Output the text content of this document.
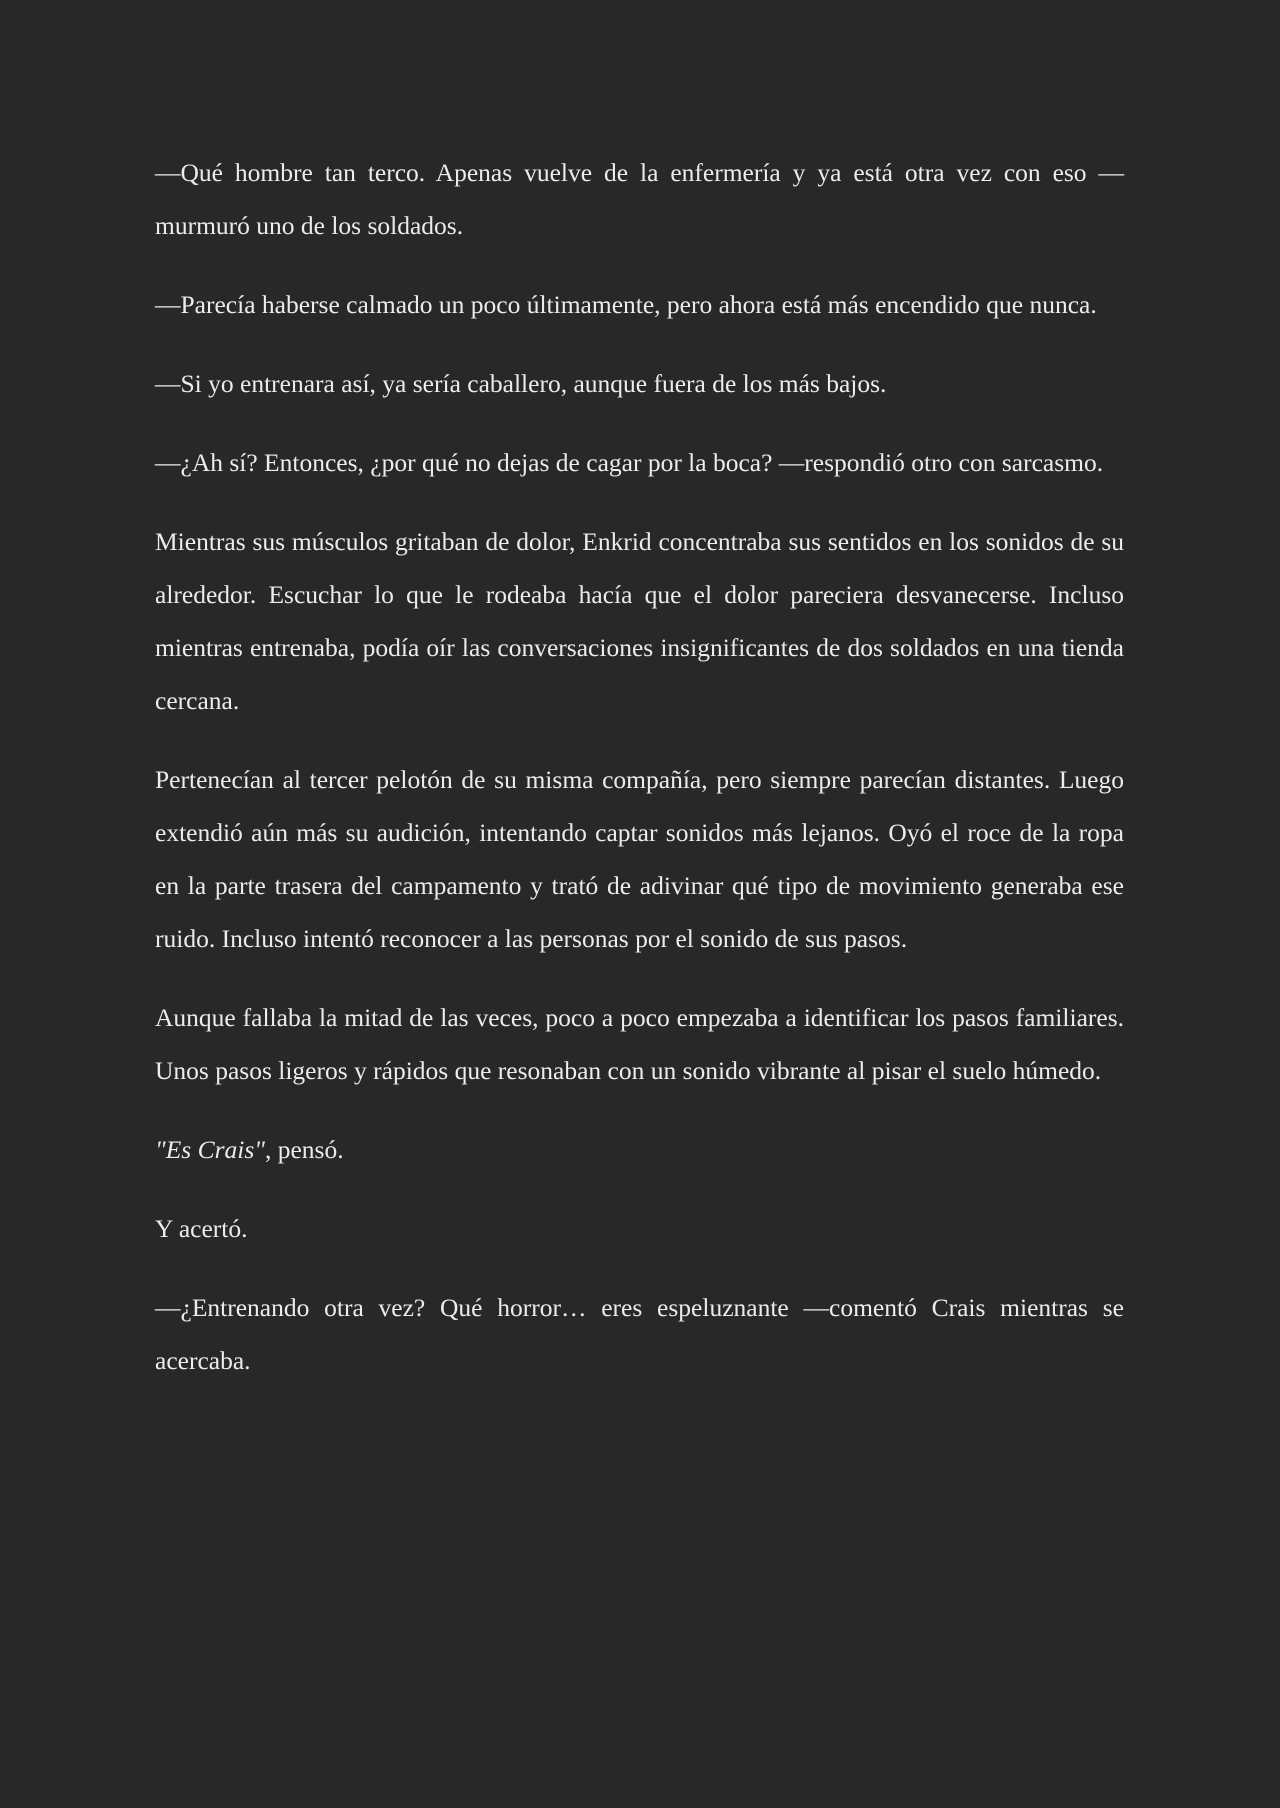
—Qué hombre tan terco. Apenas vuelve de la enfermería y ya está otra vez con eso —murmuró uno de los soldados.

—Parecía haberse calmado un poco últimamente, pero ahora está más encendido que nunca.

—Si yo entrenara así, ya sería caballero, aunque fuera de los más bajos.

—¿Ah sí? Entonces, ¿por qué no dejas de cagar por la boca? —respondió otro con sarcasmo.

Mientras sus músculos gritaban de dolor, Enkrid concentraba sus sentidos en los sonidos de su alrededor. Escuchar lo que le rodeaba hacía que el dolor pareciera desvanecerse. Incluso mientras entrenaba, podía oír las conversaciones insignificantes de dos soldados en una tienda cercana.

Pertenecían al tercer pelotón de su misma compañía, pero siempre parecían distantes. Luego extendió aún más su audición, intentando captar sonidos más lejanos. Oyó el roce de la ropa en la parte trasera del campamento y trató de adivinar qué tipo de movimiento generaba ese ruido. Incluso intentó reconocer a las personas por el sonido de sus pasos.

Aunque fallaba la mitad de las veces, poco a poco empezaba a identificar los pasos familiares. Unos pasos ligeros y rápidos que resonaban con un sonido vibrante al pisar el suelo húmedo.

"Es Crais", pensó.

Y acertó.

—¿Entrenando otra vez? Qué horror… eres espeluznante —comentó Crais mientras se acercaba.
